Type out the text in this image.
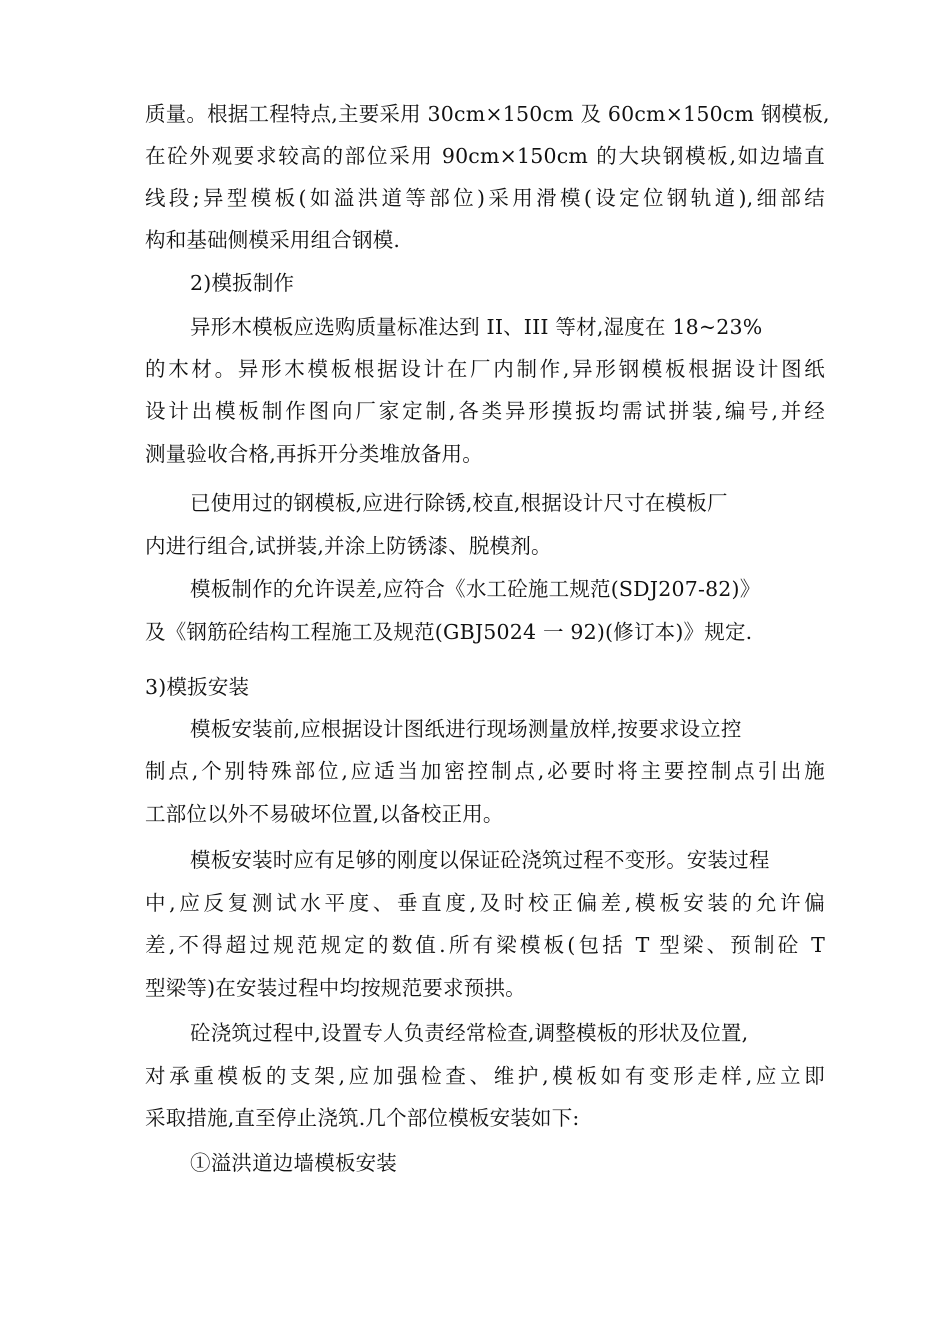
质量。根据工程特点,主要采用 30cm×150cm 及 60cm×150cm 钢模板,
在砼外观要求较高的部位采用 90cm×150cm 的大块钢模板,如边墙直
线段;异型模板(如溢洪道等部位)采用滑模(设定位钢轨道),细部结
构和基础侧模采用组合钢模.
2)模扳制作
异形木模板应选购质量标准达到 II、III 等材,湿度在 18~23%
的木材。异形木模板根据设计在厂内制作,异形钢模板根据设计图纸
设计出模板制作图向厂家定制,各类异形摸扳均需试拼装,编号,并经
测量验收合格,再拆开分类堆放备用。
已使用过的钢模板,应进行除锈,校直,根据设计尺寸在模板厂
内进行组合,试拼装,并涂上防锈漆、脱模剂。
模板制作的允许误差,应符合《水工砼施工规范(SDJ207-82)》
及《钢筋砼结构工程施工及规范(GBJ5024 一 92)(修订本)》规定.
3)模扳安装
模板安装前,应根据设计图纸进行现场测量放样,按要求设立控
制点,个别特殊部位,应适当加密控制点,必要时将主要控制点引出施
工部位以外不易破坏位置,以备校正用。
模板安装时应有足够的刚度以保证砼浇筑过程不变形。安装过程
中,应反复测试水平度、垂直度,及时校正偏差,模板安装的允许偏
差,不得超过规范规定的数值.所有梁模板(包括 T 型梁、预制砼 T
型梁等)在安装过程中均按规范要求预拱。
砼浇筑过程中,设置专人负责经常检查,调整模板的形状及位置,
对承重模板的支架,应加强检查、维护,模板如有变形走样,应立即
采取措施,直至停止浇筑.几个部位模板安装如下:
①溢洪道边墙模板安装
